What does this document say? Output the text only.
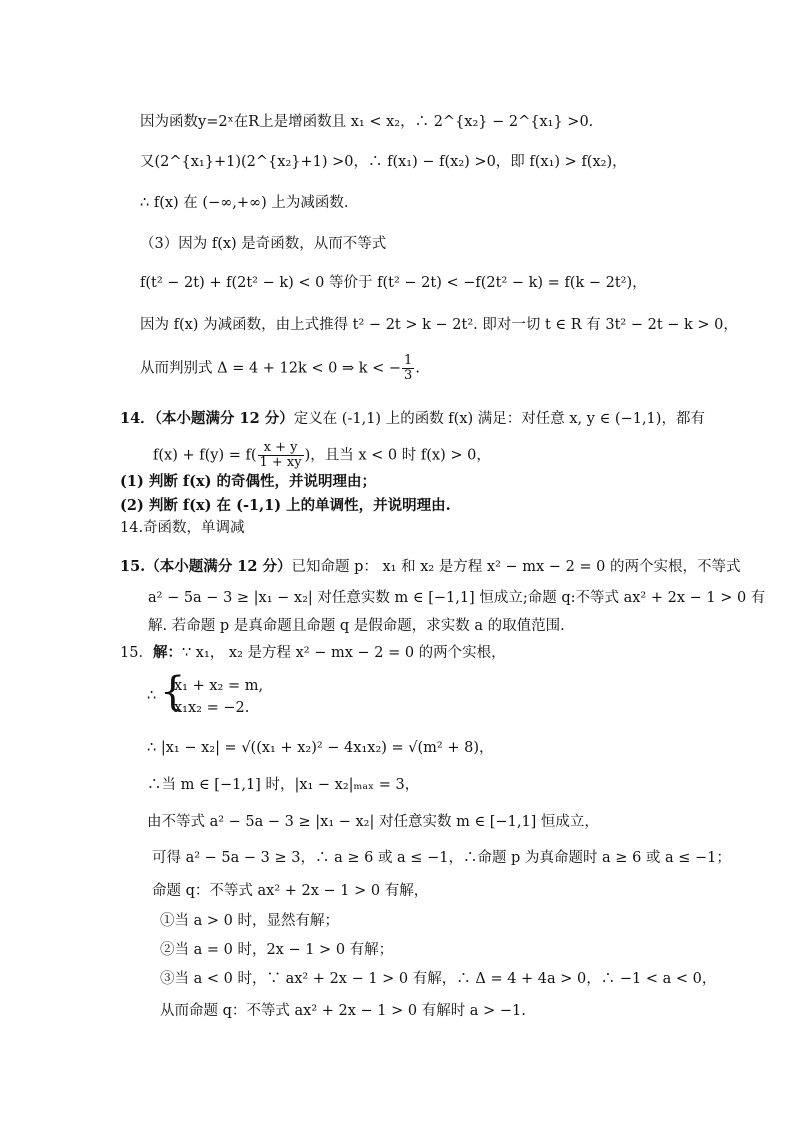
因为函数y=2ˣ在R上是增函数且 x₁ < x₂，∴ 2^{x₂} − 2^{x₁} >0.
又(2^{x₁}+1)(2^{x₂}+1) >0，∴ f(x₁) − f(x₂) >0，即 f(x₁) > f(x₂)，
∴ f(x) 在 (−∞,+∞) 上为减函数.
（3）因为 f(x) 是奇函数，从而不等式
f(t² − 2t) + f(2t² − k) < 0 等价于 f(t² − 2t) < −f(2t² − k) = f(k − 2t²)，
因为 f(x) 为减函数，由上式推得 t² − 2t > k − 2t². 即对一切 t ∈ R 有 3t² − 2t − k > 0，
从而判别式 Δ = 4 + 12k < 0 ⇒ k < − $\frac{1}{3}$ .
14．（本小题满分 12 分）定义在 (-1,1) 上的函数 f(x) 满足：对任意 x, y ∈ (−1,1)，都有
$f(x) + f(y) = f( \frac{x + y}{1 + xy}$ )，且当 x < 0 时 f(x) > 0，
(1) 判断 f(x) 的奇偶性，并说明理由；
(2) 判断 f(x) 在 (-1,1) 上的单调性，并说明理由.
14.奇函数，单调减
15.（本小题满分 12 分）已知命题 p： x₁ 和 x₂ 是方程 x² − mx − 2 = 0 的两个实根，不等式
a² − 5a − 3 ≥ |x₁ − x₂| 对任意实数 m ∈ [−1,1] 恒成立;命题 q:不等式 ax² + 2x − 1 > 0 有
解. 若命题 p 是真命题且命题 q 是假命题，求实数 a 的取值范围.
15．解：∵ x₁， x₂ 是方程 x² − mx − 2 = 0 的两个实根，
∴ {
x₁ + x₂ = m,
x₁x₂ = −2.
∴ |x₁ − x₂| = √((x₁ + x₂)² − 4x₁x₂) = √(m² + 8)，
∴当 m ∈ [−1,1] 时，|x₁ − x₂|ₘₐₓ = 3，
由不等式 a² − 5a − 3 ≥ |x₁ − x₂| 对任意实数 m ∈ [−1,1] 恒成立，
可得 a² − 5a − 3 ≥ 3，∴ a ≥ 6 或 a ≤ −1，∴命题 p 为真命题时 a ≥ 6 或 a ≤ −1；
命题 q：不等式 ax² + 2x − 1 > 0 有解，
①当 a > 0 时，显然有解；
②当 a = 0 时，2x − 1 > 0 有解；
③当 a < 0 时，∵ ax² + 2x − 1 > 0 有解，∴ Δ = 4 + 4a > 0，∴ −1 < a < 0，
从而命题 q：不等式 ax² + 2x − 1 > 0 有解时 a > −1.
